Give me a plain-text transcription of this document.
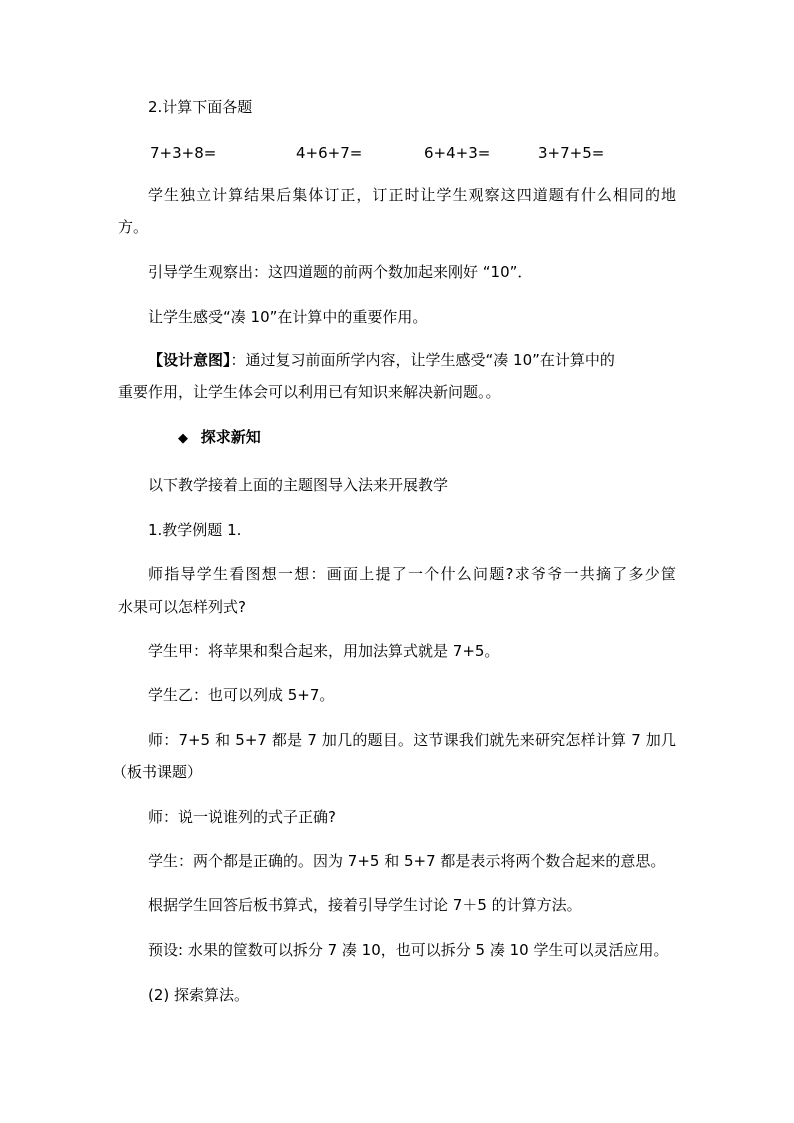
2.计算下面各题
7+3+8=	4+6+7=	6+4+3=	3+7+5=
学生独立计算结果后集体订正，订正时让学生观察这四道题有什么相同的地
方。
引导学生观察出：这四道题的前两个数加起来刚好 “10”．
让学生感受“凑 10”在计算中的重要作用。
【设计意图】：通过复习前面所学内容，让学生感受“凑 10”在计算中的
重要作用，让学生体会可以利用已有知识来解决新问题。。
◆ 探求新知
以下教学接着上面的主题图导入法来开展教学
1.教学例题 1.
师指导学生看图想一想：画面上提了一个什么问题?求爷爷一共摘了多少筐
水果可以怎样列式?
学生甲：将苹果和梨合起来，用加法算式就是 7+5。
学生乙：也可以列成 5+7。
师：7+5 和 5+7 都是 7 加几的题目。这节课我们就先来研究怎样计算 7 加几
（板书课题）
师：说一说谁列的式子正确?
学生：两个都是正确的。因为 7+5 和 5+7 都是表示将两个数合起来的意思。
根据学生回答后板书算式，接着引导学生讨论 7＋5 的计算方法。
预设: 水果的筐数可以拆分 7 凑 10，也可以拆分 5 凑 10 学生可以灵活应用。
(2) 探索算法。
